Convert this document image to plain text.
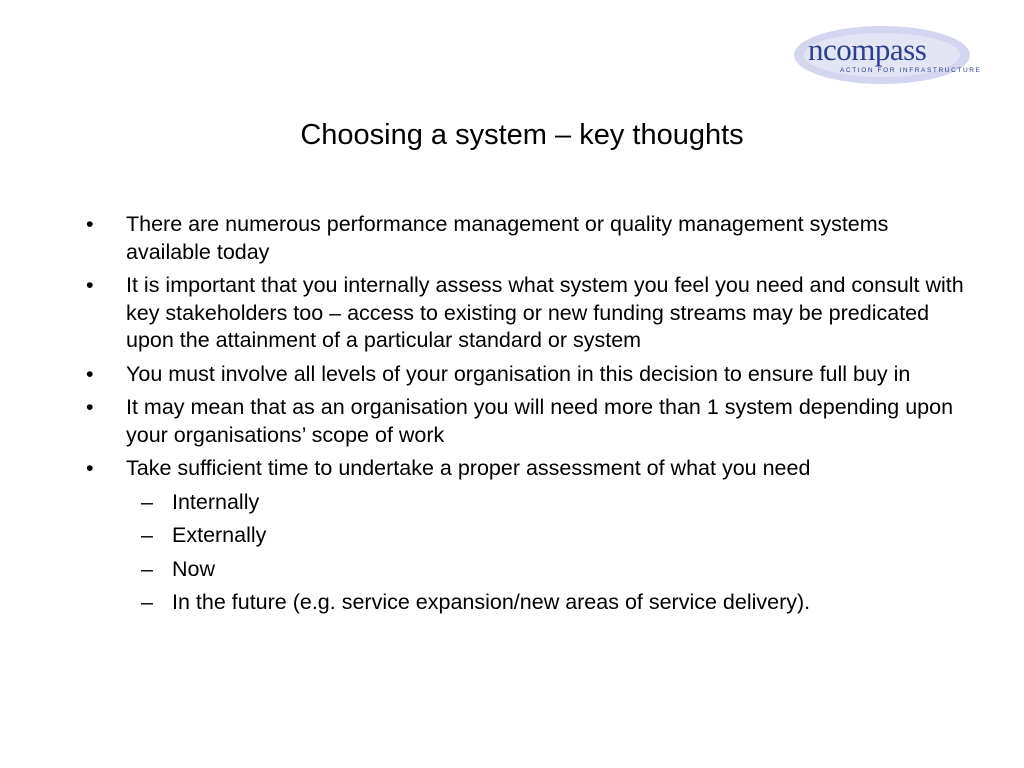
ncompass
ACTION FOR INFRASTRUCTURE
Choosing a system – key thoughts
• There are numerous performance management or quality management systems available today
• It is important that you internally assess what system you feel you need and consult with key stakeholders too – access to existing or new funding streams may be predicated upon the attainment of a particular standard or system
• You must involve all levels of your organisation in this decision to ensure full buy in
• It may mean that as an organisation you will need more than 1 system depending upon your organisations’ scope of work
• Take sufficient time to undertake a proper assessment of what you need
– Internally
– Externally
– Now
– In the future (e.g. service expansion/new areas of service delivery).
